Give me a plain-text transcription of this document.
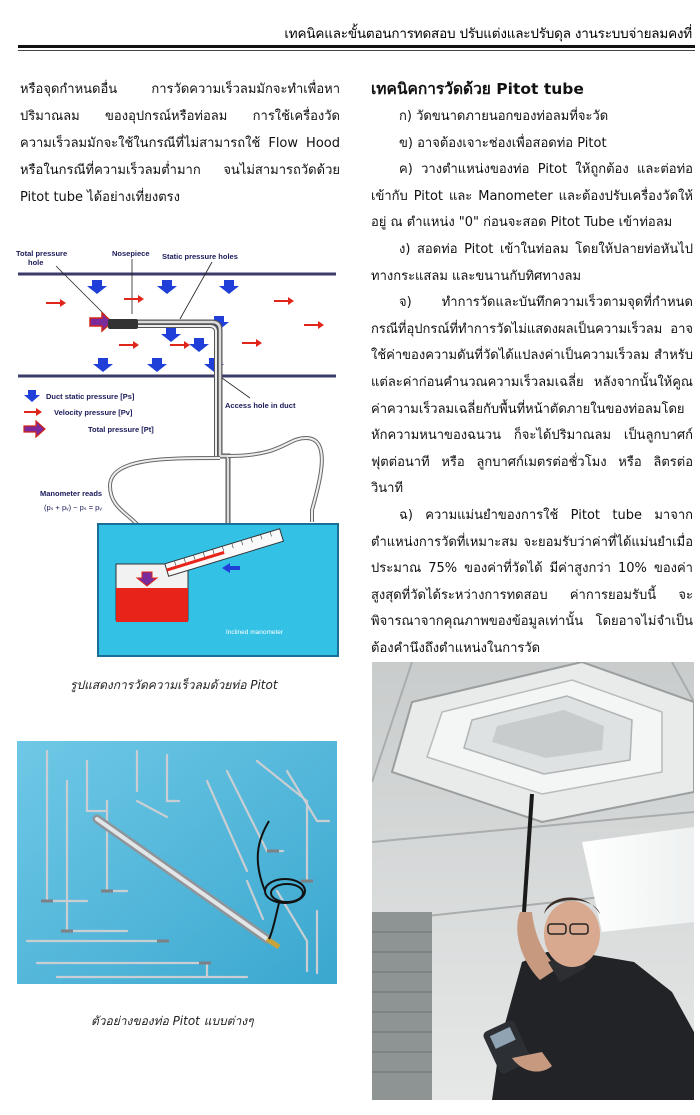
เทคนิคและขั้นตอนการทดสอบ ปรับแต่งและปรับดุล งานระบบจ่ายลมคงที่

หรือจุดกำหนดอื่น การวัดความเร็วลมมักจะทำเพื่อหาปริมาณลม ของอุปกรณ์หรือท่อลม การใช้เครื่องวัดความเร็วลมมักจะใช้ในกรณีที่ไม่สามารถใช้ Flow Hood หรือในกรณีที่ความเร็วลมต่ำมาก จนไม่สามารถวัดด้วย Pitot tube ได้อย่างเที่ยงตรง

Total pressure
hole
Nosepiece Static pressure holes
Access hole in duct
Duct static pressure [Ps]
Velocity pressure [Pv]
Total pressure [Pt]
Manometer reads
(pₛ + pᵥ) − pₛ = pᵥ
Inclined manometer
รูปแสดงการวัดความเร็วลมด้วยท่อ Pitot
ตัวอย่างของท่อ Pitot แบบต่างๆ
เทคนิคการวัดด้วย Pitot tube

ก) วัดขนาดภายนอกของท่อลมที่จะวัด

ข) อาจต้องเจาะช่องเพื่อสอดท่อ Pitot

ค) วางตำแหน่งของท่อ Pitot ให้ถูกต้อง และต่อท่อเข้ากับ Pitot และ Manometer และต้องปรับเครื่องวัดให้อยู่ ณ ตำแหน่ง "0" ก่อนจะสอด Pitot Tube เข้าท่อลม

ง) สอดท่อ Pitot เข้าในท่อลม โดยให้ปลายท่อหันไปทางกระแสลม และขนานกับทิศทางลม

จ) ทำการวัดและบันทึกความเร็วตามจุดที่กำหนด กรณีที่อุปกรณ์ที่ทำการวัดไม่แสดงผลเป็นความเร็วลม อาจใช้ค่าของความดันที่วัดได้แปลงค่าเป็นความเร็วลม สำหรับแต่ละค่าก่อนคำนวณความเร็วลมเฉลี่ย หลังจากนั้นให้คูณค่าความเร็วลมเฉลี่ยกับพื้นที่หน้าตัดภายในของท่อลมโดยหักความหนาของฉนวน ก็จะได้ปริมาณลม เป็นลูกบาศก์ฟุตต่อนาที หรือ ลูกบาศก์เมตรต่อชั่วโมง หรือ ลิตรต่อวินาที

ฉ) ความแม่นยำของการใช้ Pitot tube มาจากตำแหน่งการวัดที่เหมาะสม จะยอมรับว่าค่าที่ได้แม่นยำเมื่อประมาณ 75% ของค่าที่วัดได้ มีค่าสูงกว่า 10% ของค่าสูงสุดที่วัดได้ระหว่างการทดสอบ ค่าการยอมรับนี้ จะพิจารณาจากคุณภาพของข้อมูลเท่านั้น โดยอาจไม่จำเป็นต้องคำนึงถึงตำแหน่งในการวัด
